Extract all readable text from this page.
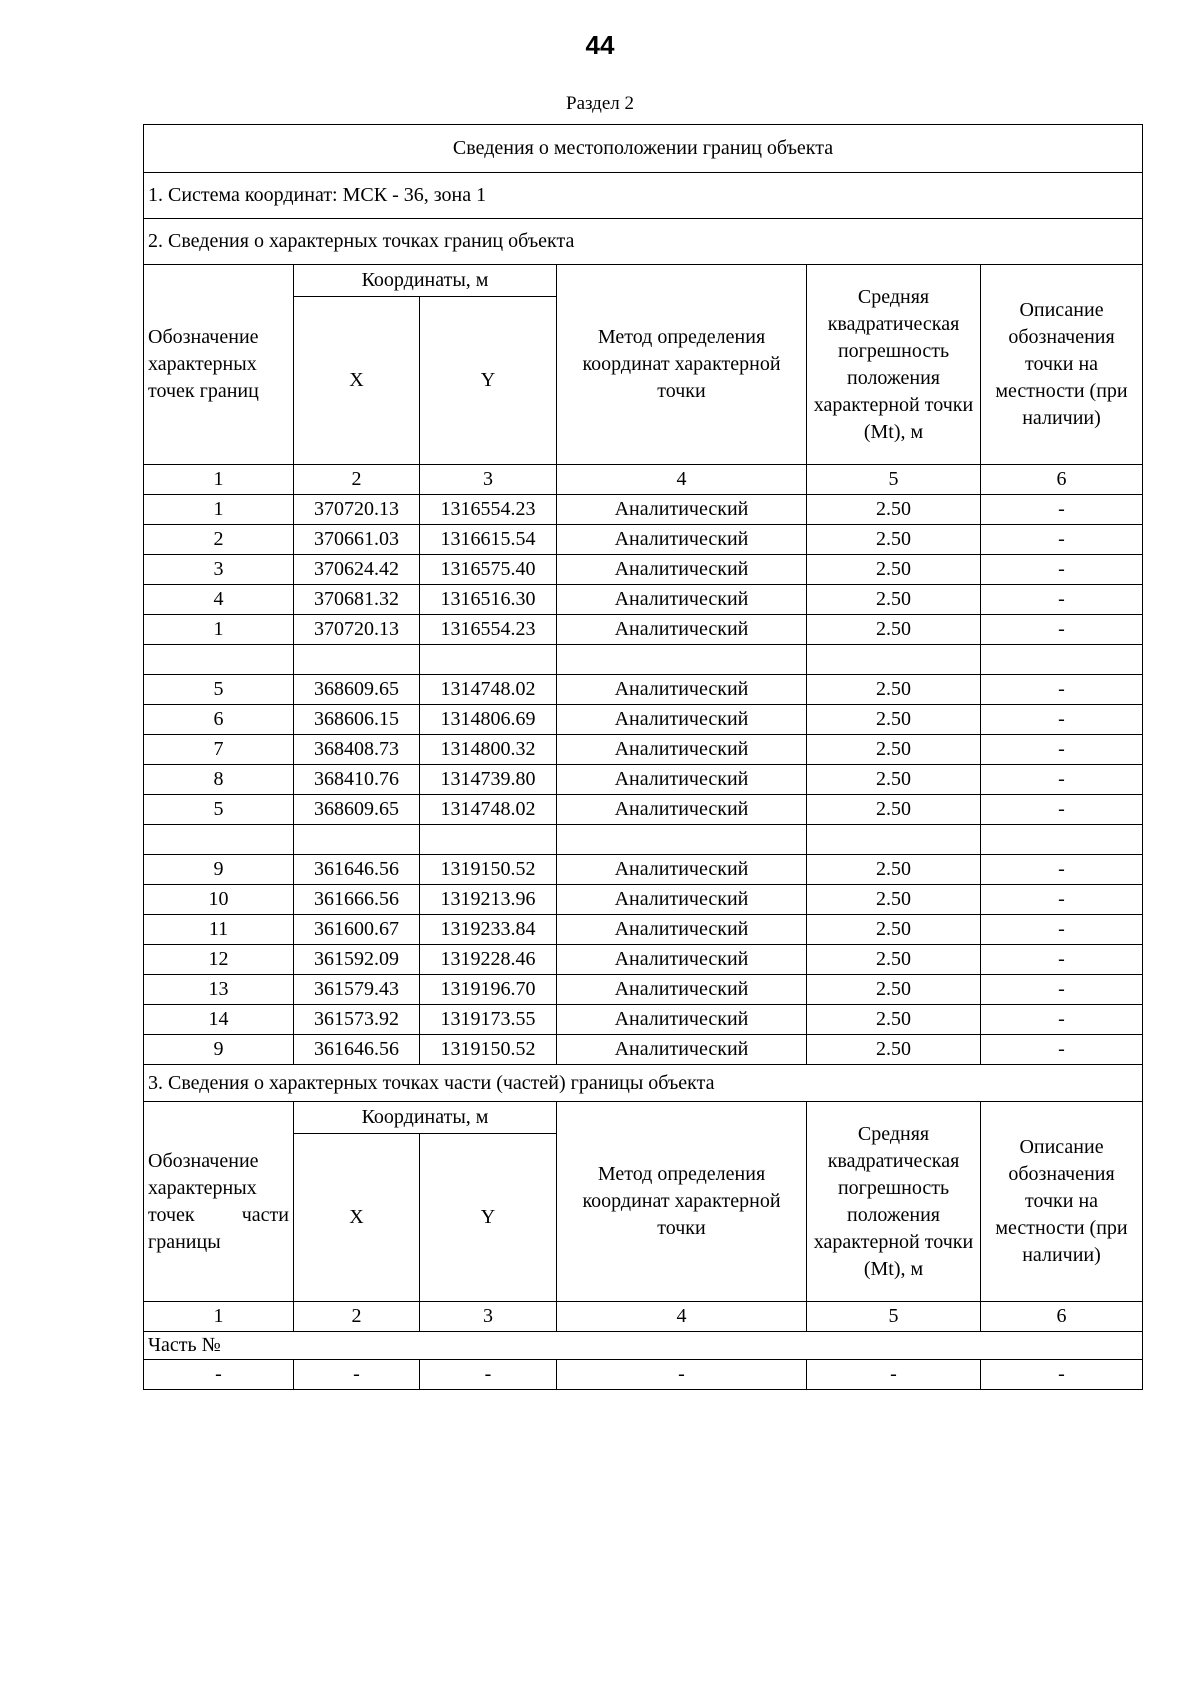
44
Раздел 2
Сведения о местоположении границ объекта					
1. Система координат: МСК - 36, зона 1					
2. Сведения о характерных точках границ объекта					
Обозначение характерных точек границ	Координаты, м		Метод определения координат характерной точки	Средняя квадратическая погрешность положения характерной точки (Mt), м	Описание обозначения точки на местности (при наличии)
	X	Y			
1	2	3	4	5	6
1	370720.13	1316554.23	Аналитический	2.50	-
2	370661.03	1316615.54	Аналитический	2.50	-
3	370624.42	1316575.40	Аналитический	2.50	-
4	370681.32	1316516.30	Аналитический	2.50	-
1	370720.13	1316554.23	Аналитический	2.50	-

5	368609.65	1314748.02	Аналитический	2.50	-
6	368606.15	1314806.69	Аналитический	2.50	-
7	368408.73	1314800.32	Аналитический	2.50	-
8	368410.76	1314739.80	Аналитический	2.50	-
5	368609.65	1314748.02	Аналитический	2.50	-

9	361646.56	1319150.52	Аналитический	2.50	-
10	361666.56	1319213.96	Аналитический	2.50	-
11	361600.67	1319233.84	Аналитический	2.50	-
12	361592.09	1319228.46	Аналитический	2.50	-
13	361579.43	1319196.70	Аналитический	2.50	-
14	361573.92	1319173.55	Аналитический	2.50	-
9	361646.56	1319150.52	Аналитический	2.50	-
3. Сведения о характерных точках части (частей) границы объекта					

Обозначение
характерных
точек части
границы	Координаты, м		Метод определения координат характерной точки	Средняя квадратическая погрешность положения характерной точки (Mt), м	Описание обозначения точки на местности (при наличии)
	X	Y			
1	2	3	4	5	6
Часть №					
-	-	-	-	-	-
